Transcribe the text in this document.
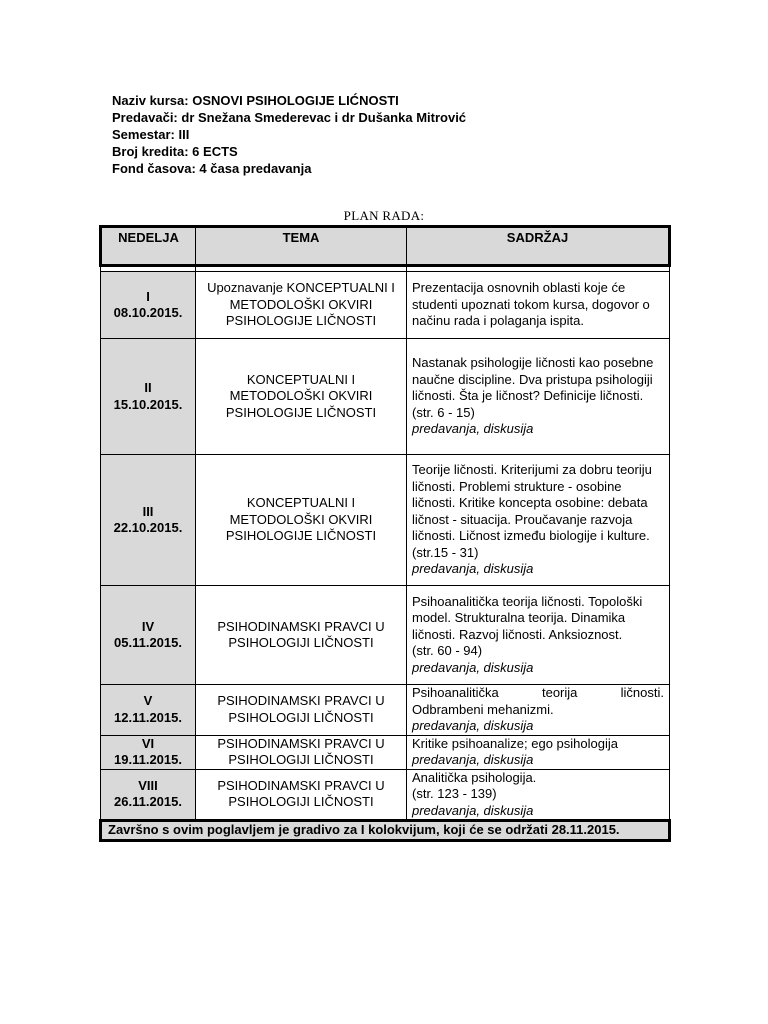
Naziv kursa: OSNOVI PSIHOLOGIJE LIĆNOSTI
Predavači: dr Snežana Smederevac i dr Dušanka Mitrović
Semestar: III
Broj kredita: 6 ECTS
Fond časova: 4 časa predavanja
PLAN RADA:
NEDELJA	TEMA	SADRŽAJ

I
08.10.2015.	Upoznavanje KONCEPTUALNI I METODOLOŠKI OKVIRI PSIHOLOGIJE LIČNOSTI	Prezentacija osnovnih oblasti koje će studenti upoznati tokom kursa, dogovor o načinu rada i polaganja ispita.
II
15.10.2015.	KONCEPTUALNI I METODOLOŠKI OKVIRI PSIHOLOGIJE LIČNOSTI	Nastanak psihologije ličnosti kao posebne naučne discipline. Dva pristupa psihologiji ličnosti. Šta je ličnost? Definicije ličnosti.
(str. 6 - 15)
predavanja, diskusija

III
22.10.2015.	KONCEPTUALNI I METODOLOŠKI OKVIRI PSIHOLOGIJE LIČNOSTI	Teorije ličnosti. Kriterijumi za dobru teoriju ličnosti. Problemi strukture - osobine ličnosti. Kritike koncepta osobine: debata ličnost - situacija. Proučavanje razvoja ličnosti. Ličnost između biologije i kulture.
(str.15 - 31)
predavanja, diskusija

IV
05.11.2015.	PSIHODINAMSKI PRAVCI U PSIHOLOGIJI LIČNOSTI	Psihoanalitička teorija ličnosti. Topološki model. Strukturalna teorija. Dinamika ličnosti. Razvoj ličnosti. Anksioznost.
(str. 60 - 94)
predavanja, diskusija

V
12.11.2015.	PSIHODINAMSKI PRAVCI U PSIHOLOGIJI LIČNOSTI	Psihoanalitička teorija ličnosti.
Odbrambeni mehanizmi.
predavanja, diskusija

VI
19.11.2015.	PSIHODINAMSKI PRAVCI U PSIHOLOGIJI LIČNOSTI	Kritike psihoanalize; ego psihologija
predavanja, diskusija

VIII
26.11.2015.	PSIHODINAMSKI PRAVCI U PSIHOLOGIJI LIČNOSTI	Analitička psihologija.
(str. 123 - 139)
predavanja, diskusija

Završno s ovim poglavljem je gradivo za I kolokvijum, koji će se održati 28.11.2015.		
